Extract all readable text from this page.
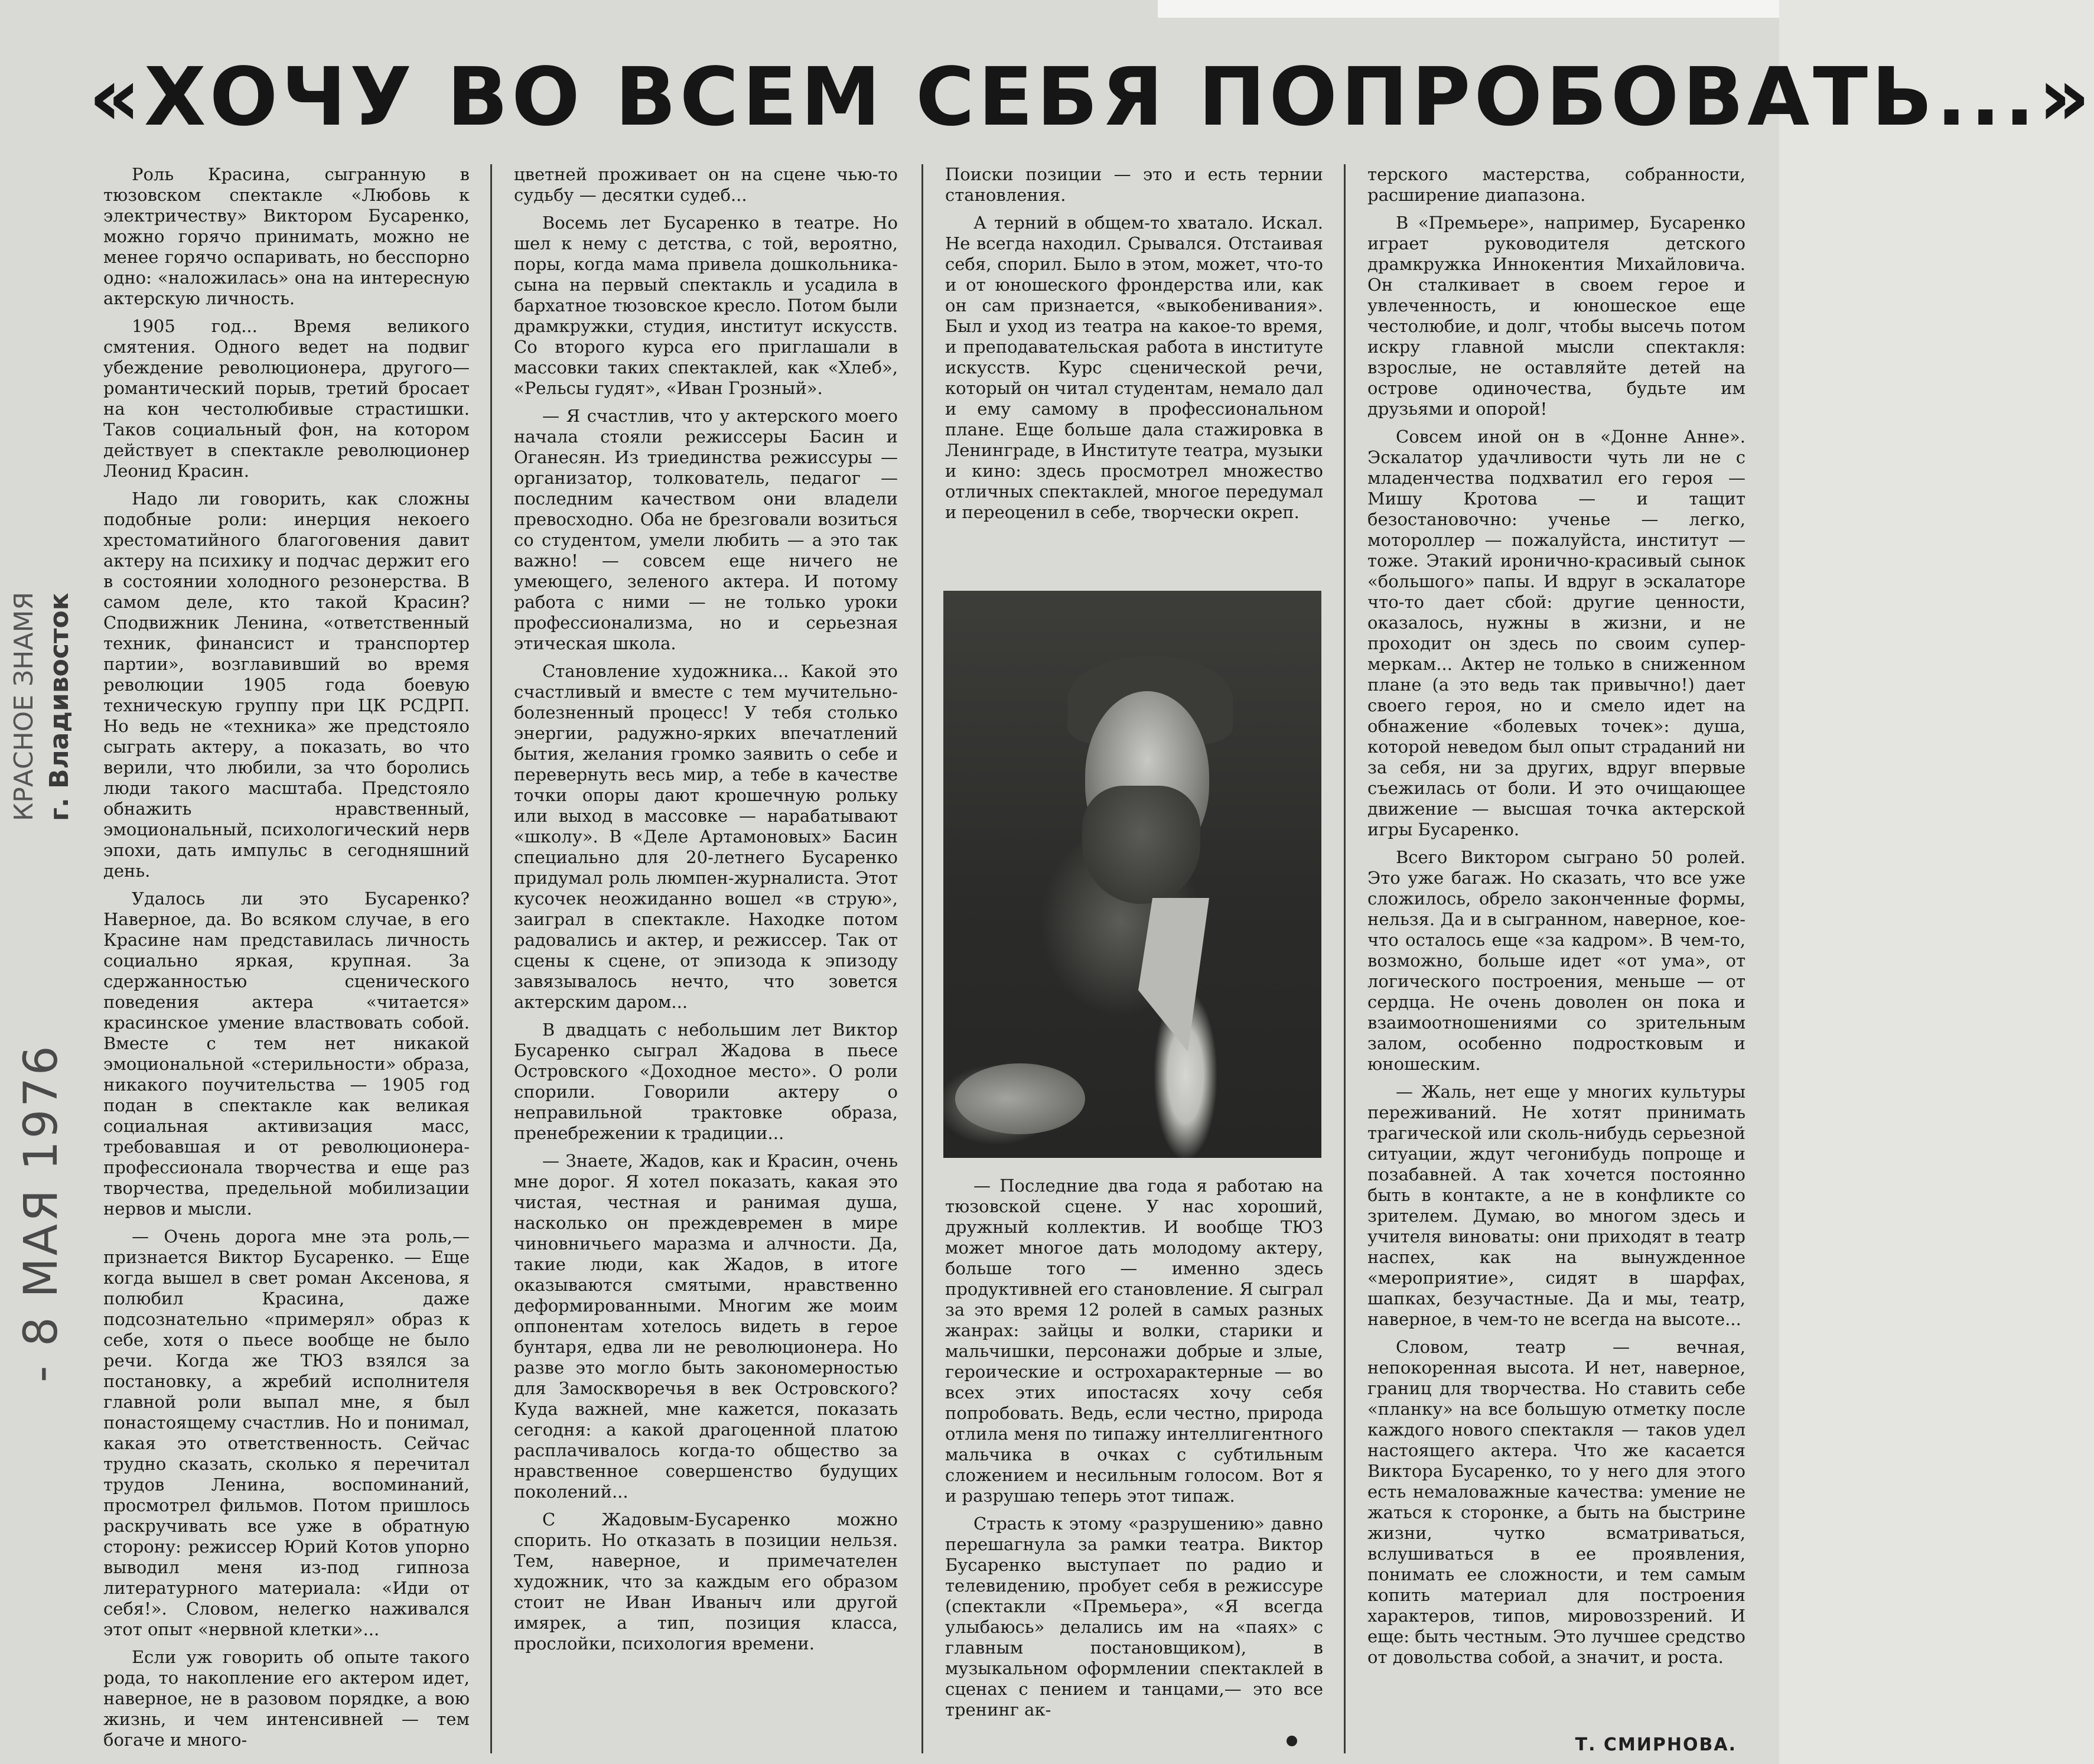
«ХОЧУ ВО ВСЕМ СЕБЯ ПОПРОБОВАТЬ...»
КРАСНОЕ ЗНАМЯ г. Владивосток
- 8 МАЯ 1976

Роль Красина, сыгранную в тюзовском спектакле «Любовь к электричеству» Виктором Бусаренко, можно горячо принимать, можно не менее горячо оспаривать, но бесспорно одно: «наложилась» она на интересную актерскую личность.

1905 год... Время великого смятения. Одного ведет на подвиг убеждение революционера, другого—романтический порыв, третий бросает на кон честолюбивые страстишки. Таков социальный фон, на котором действует в спектакле революционер Леонид Красин.

Надо ли говорить, как сложны подобные роли: инерция некоего хрестоматийного благоговения давит актеру на психику и подчас держит его в состоянии холодного резонерства. В самом деле, кто такой Красин? Сподвижник Ленина, «ответственный техник, финансист и транспортер партии», возглавивший во время революции 1905 года боевую техническую группу при ЦК РСДРП. Но ведь не «техника» же предстояло сыграть актеру, а показать, во что верили, что любили, за что боролись люди такого масштаба. Предстояло обнажить нравственный, эмоциональный, психологический нерв эпохи, дать импульс в сегодняшний день.

Удалось ли это Бусаренко? Наверное, да. Во всяком случае, в его Красине нам представилась личность социально яркая, крупная. За сдержанностью сценического поведения актера «читается» красинское умение властвовать собой. Вместе с тем нет никакой эмоциональной «стерильности» образа, никакого поучительства — 1905 год подан в спектакле как великая социальная активизация масс, требовавшая и от революционера-профессионала творчества и еще раз творчества, предельной мобилизации нервов и мысли.

— Очень дорога мне эта роль,— признается Виктор Бусаренко. — Еще когда вышел в свет роман Аксенова, я полюбил Красина, даже подсознательно «примерял» образ к себе, хотя о пьесе вообще не было речи. Когда же ТЮЗ взялся за постановку, а жребий исполнителя главной роли выпал мне, я был понастоящему счастлив. Но и понимал, какая это ответственность. Сейчас трудно сказать, сколько я перечитал трудов Ленина, воспоминаний, просмотрел фильмов. Потом пришлось раскручивать все уже в обратную сторону: режиссер Юрий Котов упорно выводил меня из-под гипноза литературного материала: «Иди от себя!». Словом, нелегко наживался этот опыт «нервной клетки»...

Если уж говорить об опыте такого рода, то накопление его актером идет, наверное, не в разовом порядке, а вою жизнь, и чем интенсивней — тем богаче и много-

цветней проживает он на сцене чью-то судьбу — десятки судеб...

Восемь лет Бусаренко в театре. Но шел к нему с детства, с той, вероятно, поры, когда мама привела дошкольника-сына на первый спектакль и усадила в бархатное тюзовское кресло. Потом были драмкружки, студия, институт искусств. Со второго курса его приглашали в массовки таких спектаклей, как «Хлеб», «Рельсы гудят», «Иван Грозный».

— Я счастлив, что у актерского моего начала стояли режиссеры Басин и Оганесян. Из триединства режиссуры — организатор, толкователь, педагог — последним качеством они владели превосходно. Оба не брезговали возиться со студентом, умели любить — а это так важно! — совсем еще ничего не умеющего, зеленого актера. И потому работа с ними — не только уроки профессионализма, но и серьезная этическая школа.

Становление художника... Какой это счастливый и вместе с тем мучительно-болезненный процесс! У тебя столько энергии, радужно-ярких впечатлений бытия, желания громко заявить о себе и перевернуть весь мир, а тебе в качестве точки опоры дают крошечную рольку или выход в массовке — нарабатывают «школу». В «Деле Артамоновых» Басин специально для 20-летнего Бусаренко придумал роль люмпен-журналиста. Этот кусочек неожиданно вошел «в струю», заиграл в спектакле. Находке потом радовались и актер, и режиссер. Так от сцены к сцене, от эпизода к эпизоду завязывалось нечто, что зовется актерским даром...

В двадцать с небольшим лет Виктор Бусаренко сыграл Жадова в пьесе Островского «Доходное место». О роли спорили. Говорили актеру о неправильной трактовке образа, пренебрежении к традиции...

— Знаете, Жадов, как и Красин, очень мне дорог. Я хотел показать, какая это чистая, честная и ранимая душа, насколько он преждевремен в мире чиновничьего маразма и алчности. Да, такие люди, как Жадов, в итоге оказываются смятыми, нравственно деформированными. Многим же моим оппонентам хотелось видеть в герое бунтаря, едва ли не революционера. Но разве это могло быть закономерностью для Замоскворечья в век Островского? Куда важней, мне кажется, показать сегодня: а какой драгоценной платою расплачивалось когда-то общество за нравственное совершенство будущих поколений...

С Жадовым-Бусаренко можно спорить. Но отказать в позиции нельзя. Тем, наверное, и примечателен художник, что за каждым его образом стоит не Иван Иваныч или другой имярек, а тип, позиция класса, прослойки, психология времени.

Поиски позиции — это и есть тернии становления.

А терний в общем-то хватало. Искал. Не всегда находил. Срывался. Отстаивая себя, спорил. Было в этом, может, что-то и от юношеского фрондерства или, как он сам признается, «выкобенивания». Был и уход из театра на какое-то время, и преподавательская работа в институте искусств. Курс сценической речи, который он читал студентам, немало дал и ему самому в профессиональном плане. Еще больше дала стажировка в Ленинграде, в Институте театра, музыки и кино: здесь просмотрел множество отличных спектаклей, многое передумал и переоценил в себе, творчески окреп.

— Последние два года я работаю на тюзовской сцене. У нас хороший, дружный коллектив. И вообще ТЮЗ может многое дать молодому актеру, больше того — именно здесь продуктивней его становление. Я сыграл за это время 12 ролей в самых разных жанрах: зайцы и волки, старики и мальчишки, персонажи добрые и злые, героические и острохарактерные — во всех этих ипостасях хочу себя попробовать. Ведь, если честно, природа отлила меня по типажу интеллигентного мальчика в очках с субтильным сложением и несильным голосом. Вот я и разрушаю теперь этот типаж.

Страсть к этому «разрушению» давно перешагнула за рамки театра. Виктор Бусаренко выступает по радио и телевидению, пробует себя в режиссуре (спектакли «Премьера», «Я всегда улыбаюсь» делались им на «паях» с главным постановщиком), в музыкальном оформлении спектаклей в сценах с пением и танцами,— это все тренинг ак-

терского мастерства, собранности, расширение диапазона.

В «Премьере», например, Бусаренко играет руководителя детского драмкружка Иннокентия Михайловича. Он сталкивает в своем герое и увлеченность, и юношеское еще честолюбие, и долг, чтобы высечь потом искру главной мысли спектакля: взрослые, не оставляйте детей на острове одиночества, будьте им друзьями и опорой!

Совсем иной он в «Донне Анне». Эскалатор удачливости чуть ли не с младенчества подхватил его героя — Мишу Кротова — и тащит безостановочно: ученье — легко, мотороллер — пожалуйста, институт — тоже. Этакий иронично-красивый сынок «большого» папы. И вдруг в эскалаторе что-то дает сбой: другие ценности, оказалось, нужны в жизни, и не проходит он здесь по своим супер-меркам... Актер не только в сниженном плане (а это ведь так привычно!) дает своего героя, но и смело идет на обнажение «болевых точек»: душа, которой неведом был опыт страданий ни за себя, ни за других, вдруг впервые съежилась от боли. И это очищающее движение — высшая точка актерской игры Бусаренко.

Всего Виктором сыграно 50 ролей. Это уже багаж. Но сказать, что все уже сложилось, обрело законченные формы, нельзя. Да и в сыгранном, наверное, кое-что осталось еще «за кадром». В чем-то, возможно, больше идет «от ума», от логического построения, меньше — от сердца. Не очень доволен он пока и взаимоотношениями со зрительным залом, особенно подростковым и юношеским.

— Жаль, нет еще у многих культуры переживаний. Не хотят принимать трагической или сколь-нибудь серьезной ситуации, ждут чегонибудь попроще и позабавней. А так хочется постоянно быть в контакте, а не в конфликте со зрителем. Думаю, во многом здесь и учителя виноваты: они приходят в театр наспех, как на вынужденное «мероприятие», сидят в шарфах, шапках, безучастные. Да и мы, театр, наверное, в чем-то не всегда на высоте...

Словом, театр — вечная, непокоренная высота. И нет, наверное, границ для творчества. Но ставить себе «планку» на все большую отметку после каждого нового спектакля — таков удел настоящего актера. Что же касается Виктора Бусаренко, то у него для этого есть немаловажные качества: умение не жаться к сторонке, а быть на быстрине жизни, чутко всматриваться, вслушиваться в ее проявления, понимать ее сложности, и тем самым копить материал для построения характеров, типов, мировоззрений. И еще: быть честным. Это лучшее средство от довольства собой, а значит, и роста.

Т. СМИРНОВА.
